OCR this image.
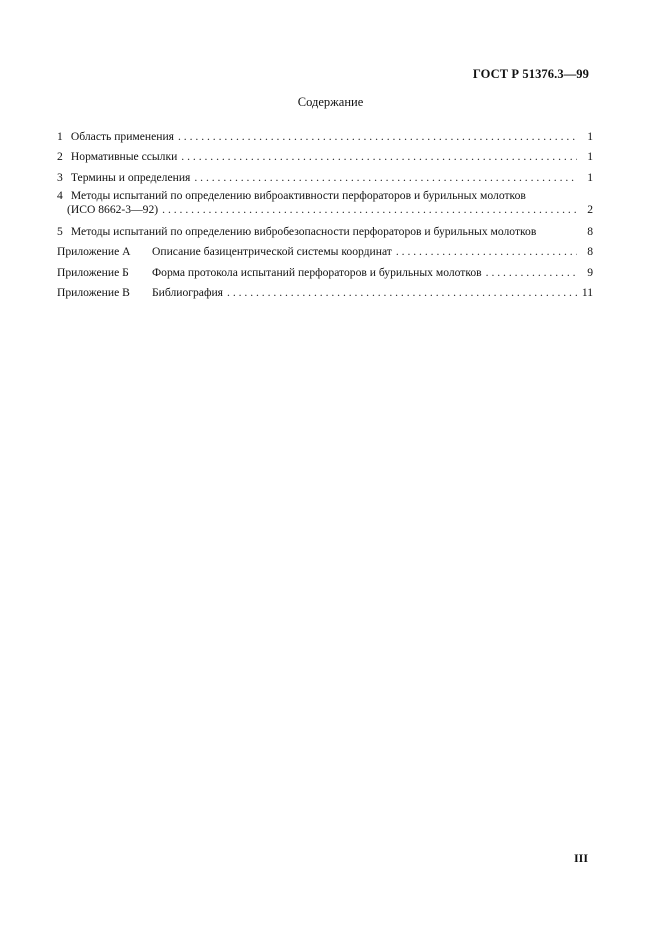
ГОСТ Р 51376.3—99
Содержание
1 Область применения . . .	1
2 Нормативные ссылки . . .	1
3 Термины и определения . . .	1
4 Методы испытаний по определению виброактивности перфораторов и бурильных молотков
(ИСО 8662-3—92) . . .	2
5 Методы испытаний по определению вибробезопасности перфораторов и бурильных молотков	8
Приложение А Описание базицентрической системы координат . . .	8
Приложение Б Форма протокола испытаний перфораторов и бурильных молотков . . .	9
Приложение В Библиография . . .	11
III
